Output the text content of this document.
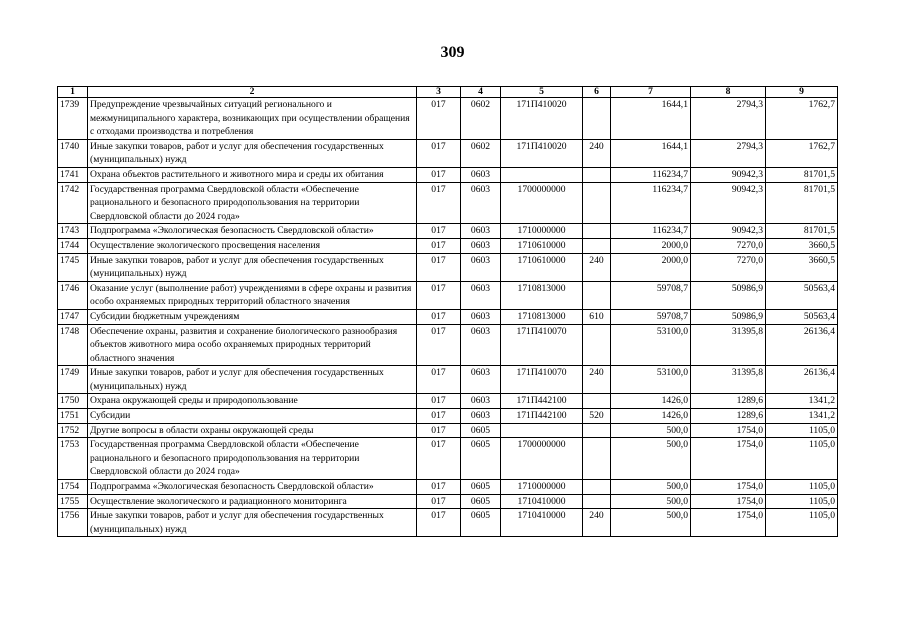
309
1	2	3	4	5	6	7	8	9
1739	Предупреждение чрезвычайных ситуаций регионального и межмуниципального характера, возникающих при осуществлении обращения с отходами производства и потребления	017	0602	171П410020		1644,1	2794,3	1762,7
1740	Иные закупки товаров, работ и услуг для обеспечения государственных (муниципальных) нужд	017	0602	171П410020	240	1644,1	2794,3	1762,7
1741	Охрана объектов растительного и животного мира и среды их обитания	017	0603			116234,7	90942,3	81701,5
1742	Государственная программа Свердловской области «Обеспечение рационального и безопасного природопользования на территории Свердловской области до 2024 года»	017	0603	1700000000		116234,7	90942,3	81701,5
1743	Подпрограмма «Экологическая безопасность Свердловской области»	017	0603	1710000000		116234,7	90942,3	81701,5
1744	Осуществление экологического просвещения населения	017	0603	1710610000		2000,0	7270,0	3660,5
1745	Иные закупки товаров, работ и услуг для обеспечения государственных (муниципальных) нужд	017	0603	1710610000	240	2000,0	7270,0	3660,5
1746	Оказание услуг (выполнение работ) учреждениями в сфере охраны и развития особо охраняемых природных территорий областного значения	017	0603	1710813000		59708,7	50986,9	50563,4
1747	Субсидии бюджетным учреждениям	017	0603	1710813000	610	59708,7	50986,9	50563,4
1748	Обеспечение охраны, развития и сохранение биологического разнообразия объектов животного мира особо охраняемых природных территорий областного значения	017	0603	171П410070		53100,0	31395,8	26136,4
1749	Иные закупки товаров, работ и услуг для обеспечения государственных (муниципальных) нужд	017	0603	171П410070	240	53100,0	31395,8	26136,4
1750	Охрана окружающей среды и природопользование	017	0603	171П442100		1426,0	1289,6	1341,2
1751	Субсидии	017	0603	171П442100	520	1426,0	1289,6	1341,2
1752	Другие вопросы в области охраны окружающей среды	017	0605			500,0	1754,0	1105,0
1753	Государственная программа Свердловской области «Обеспечение рационального и безопасного природопользования на территории Свердловской области до 2024 года»	017	0605	1700000000		500,0	1754,0	1105,0
1754	Подпрограмма «Экологическая безопасность Свердловской области»	017	0605	1710000000		500,0	1754,0	1105,0
1755	Осуществление экологического и радиационного мониторинга	017	0605	1710410000		500,0	1754,0	1105,0
1756	Иные закупки товаров, работ и услуг для обеспечения государственных (муниципальных) нужд	017	0605	1710410000	240	500,0	1754,0	1105,0
